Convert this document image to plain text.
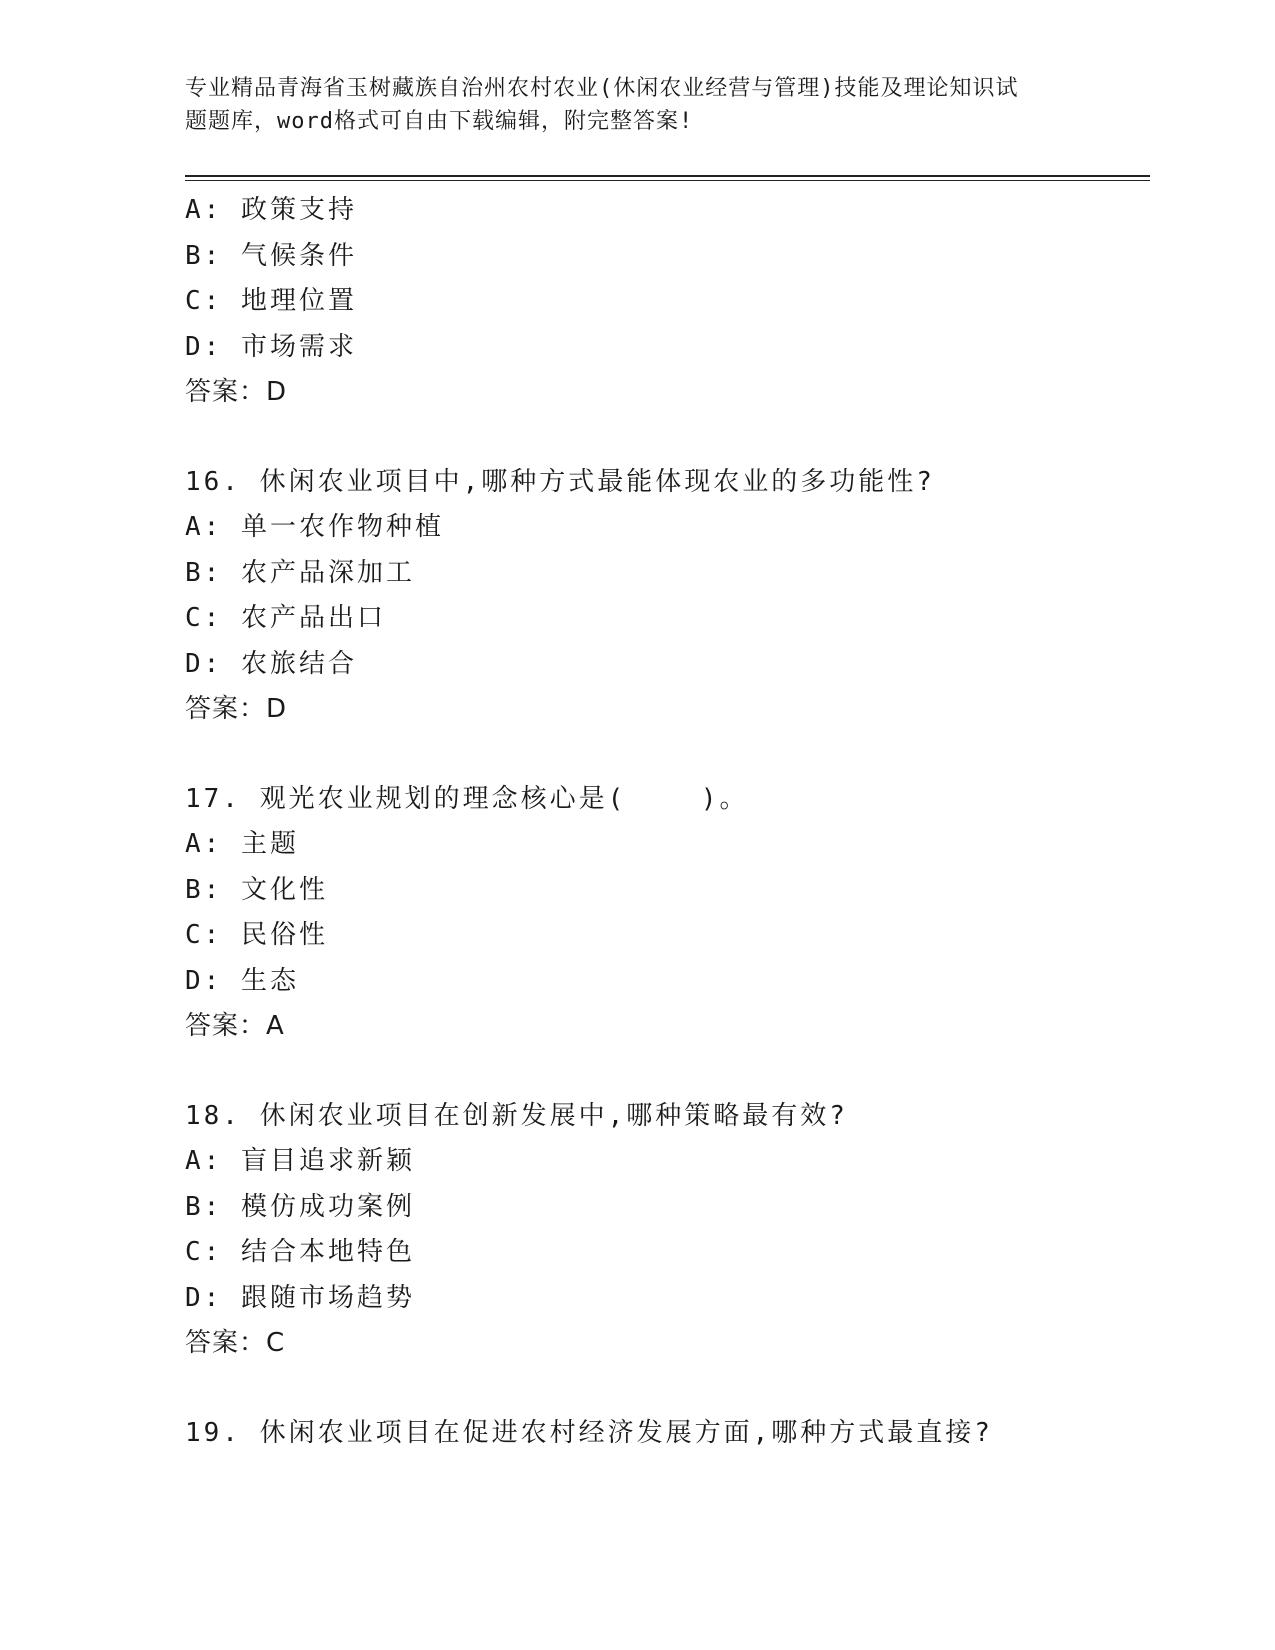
专业精品青海省玉树藏族自治州农村农业(休闲农业经营与管理)技能及理论知识试
题题库，word格式可自由下载编辑，附完整答案!
A: 政策支持
B: 气候条件
C: 地理位置
D: 市场需求
答案：D
16. 休闲农业项目中,哪种方式最能体现农业的多功能性?
A: 单一农作物种植
B: 农产品深加工
C: 农产品出口
D: 农旅结合
答案：D
17. 观光农业规划的理念核心是(    )。
A: 主题
B: 文化性
C: 民俗性
D: 生态
答案：A
18. 休闲农业项目在创新发展中,哪种策略最有效?
A: 盲目追求新颖
B: 模仿成功案例
C: 结合本地特色
D: 跟随市场趋势
答案：C
19. 休闲农业项目在促进农村经济发展方面,哪种方式最直接?
